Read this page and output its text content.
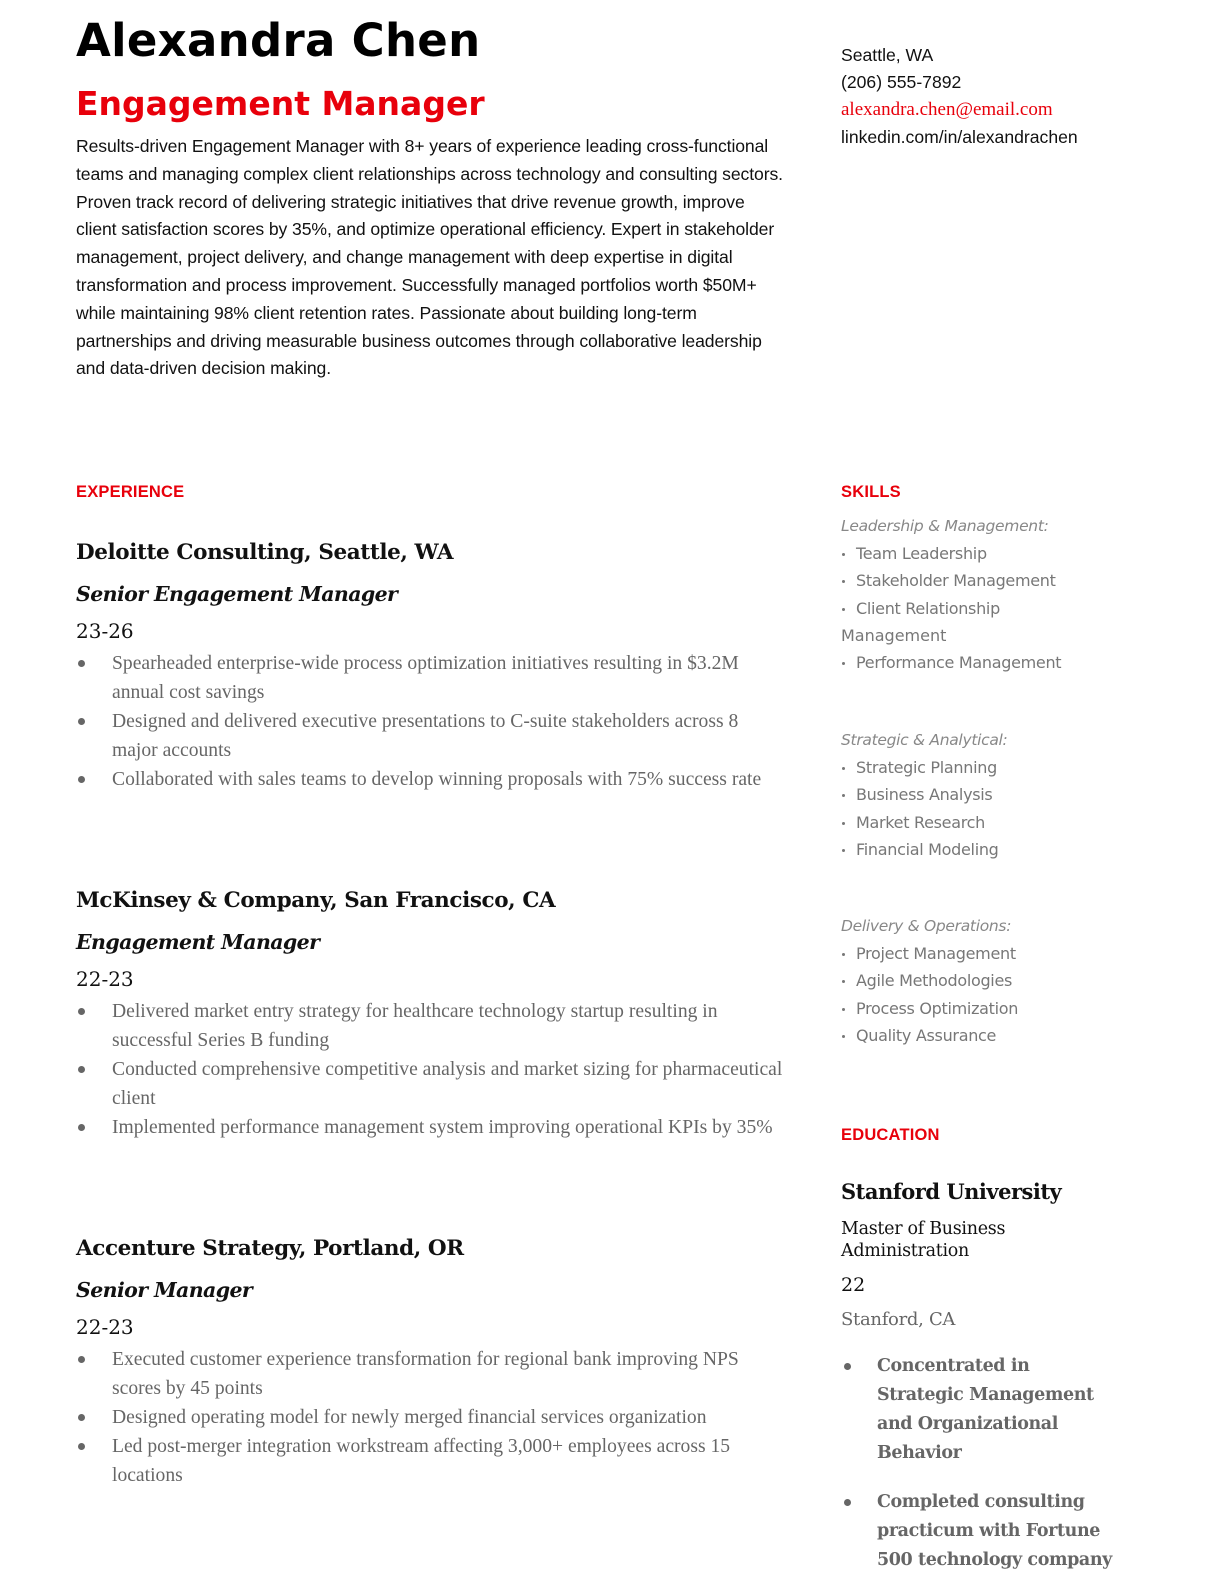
Alexandra Chen
Engagement Manager

Results-driven Engagement Manager with 8+ years of experience leading cross-functional teams and managing complex client relationships across technology and consulting sectors. Proven track record of delivering strategic initiatives that drive revenue growth, improve client satisfaction scores by 35%, and optimize operational efficiency. Expert in stakeholder management, project delivery, and change management with deep expertise in digital transformation and process improvement. Successfully managed portfolios worth $50M+ while maintaining 98% client retention rates. Passionate about building long-term partnerships and driving measurable business outcomes through collaborative leadership and data-driven decision making.

Seattle, WA
(206) 555-7892
alexandra.chen@email.com
linkedin.com/in/alexandrachen
EXPERIENCE
Deloitte Consulting, Seattle, WA
Senior Engagement Manager
23-26
Spearheaded enterprise-wide process optimization initiatives resulting in $3.2M annual cost savings
Designed and delivered executive presentations to C-suite stakeholders across 8 major accounts
Collaborated with sales teams to develop winning proposals with 75% success rate
McKinsey & Company, San Francisco, CA
Engagement Manager
22-23
Delivered market entry strategy for healthcare technology startup resulting in successful Series B funding
Conducted comprehensive competitive analysis and market sizing for pharmaceutical client
Implemented performance management system improving operational KPIs by 35%
Accenture Strategy, Portland, OR
Senior Manager
22-23
Executed customer experience transformation for regional bank improving NPS scores by 45 points
Designed operating model for newly merged financial services organization
Led post-merger integration workstream affecting 3,000+ employees across 15 locations
SKILLS
Leadership & Management:
Team Leadership
Stakeholder Management
Client Relationship
Management
Performance Management
Strategic & Analytical:
Strategic Planning
Business Analysis
Market Research
Financial Modeling
Delivery & Operations:
Project Management
Agile Methodologies
Process Optimization
Quality Assurance
EDUCATION
Stanford University
Master of Business Administration
22
Stanford, CA
Concentrated in Strategic Management and Organizational Behavior
Completed consulting practicum with Fortune 500 technology company
